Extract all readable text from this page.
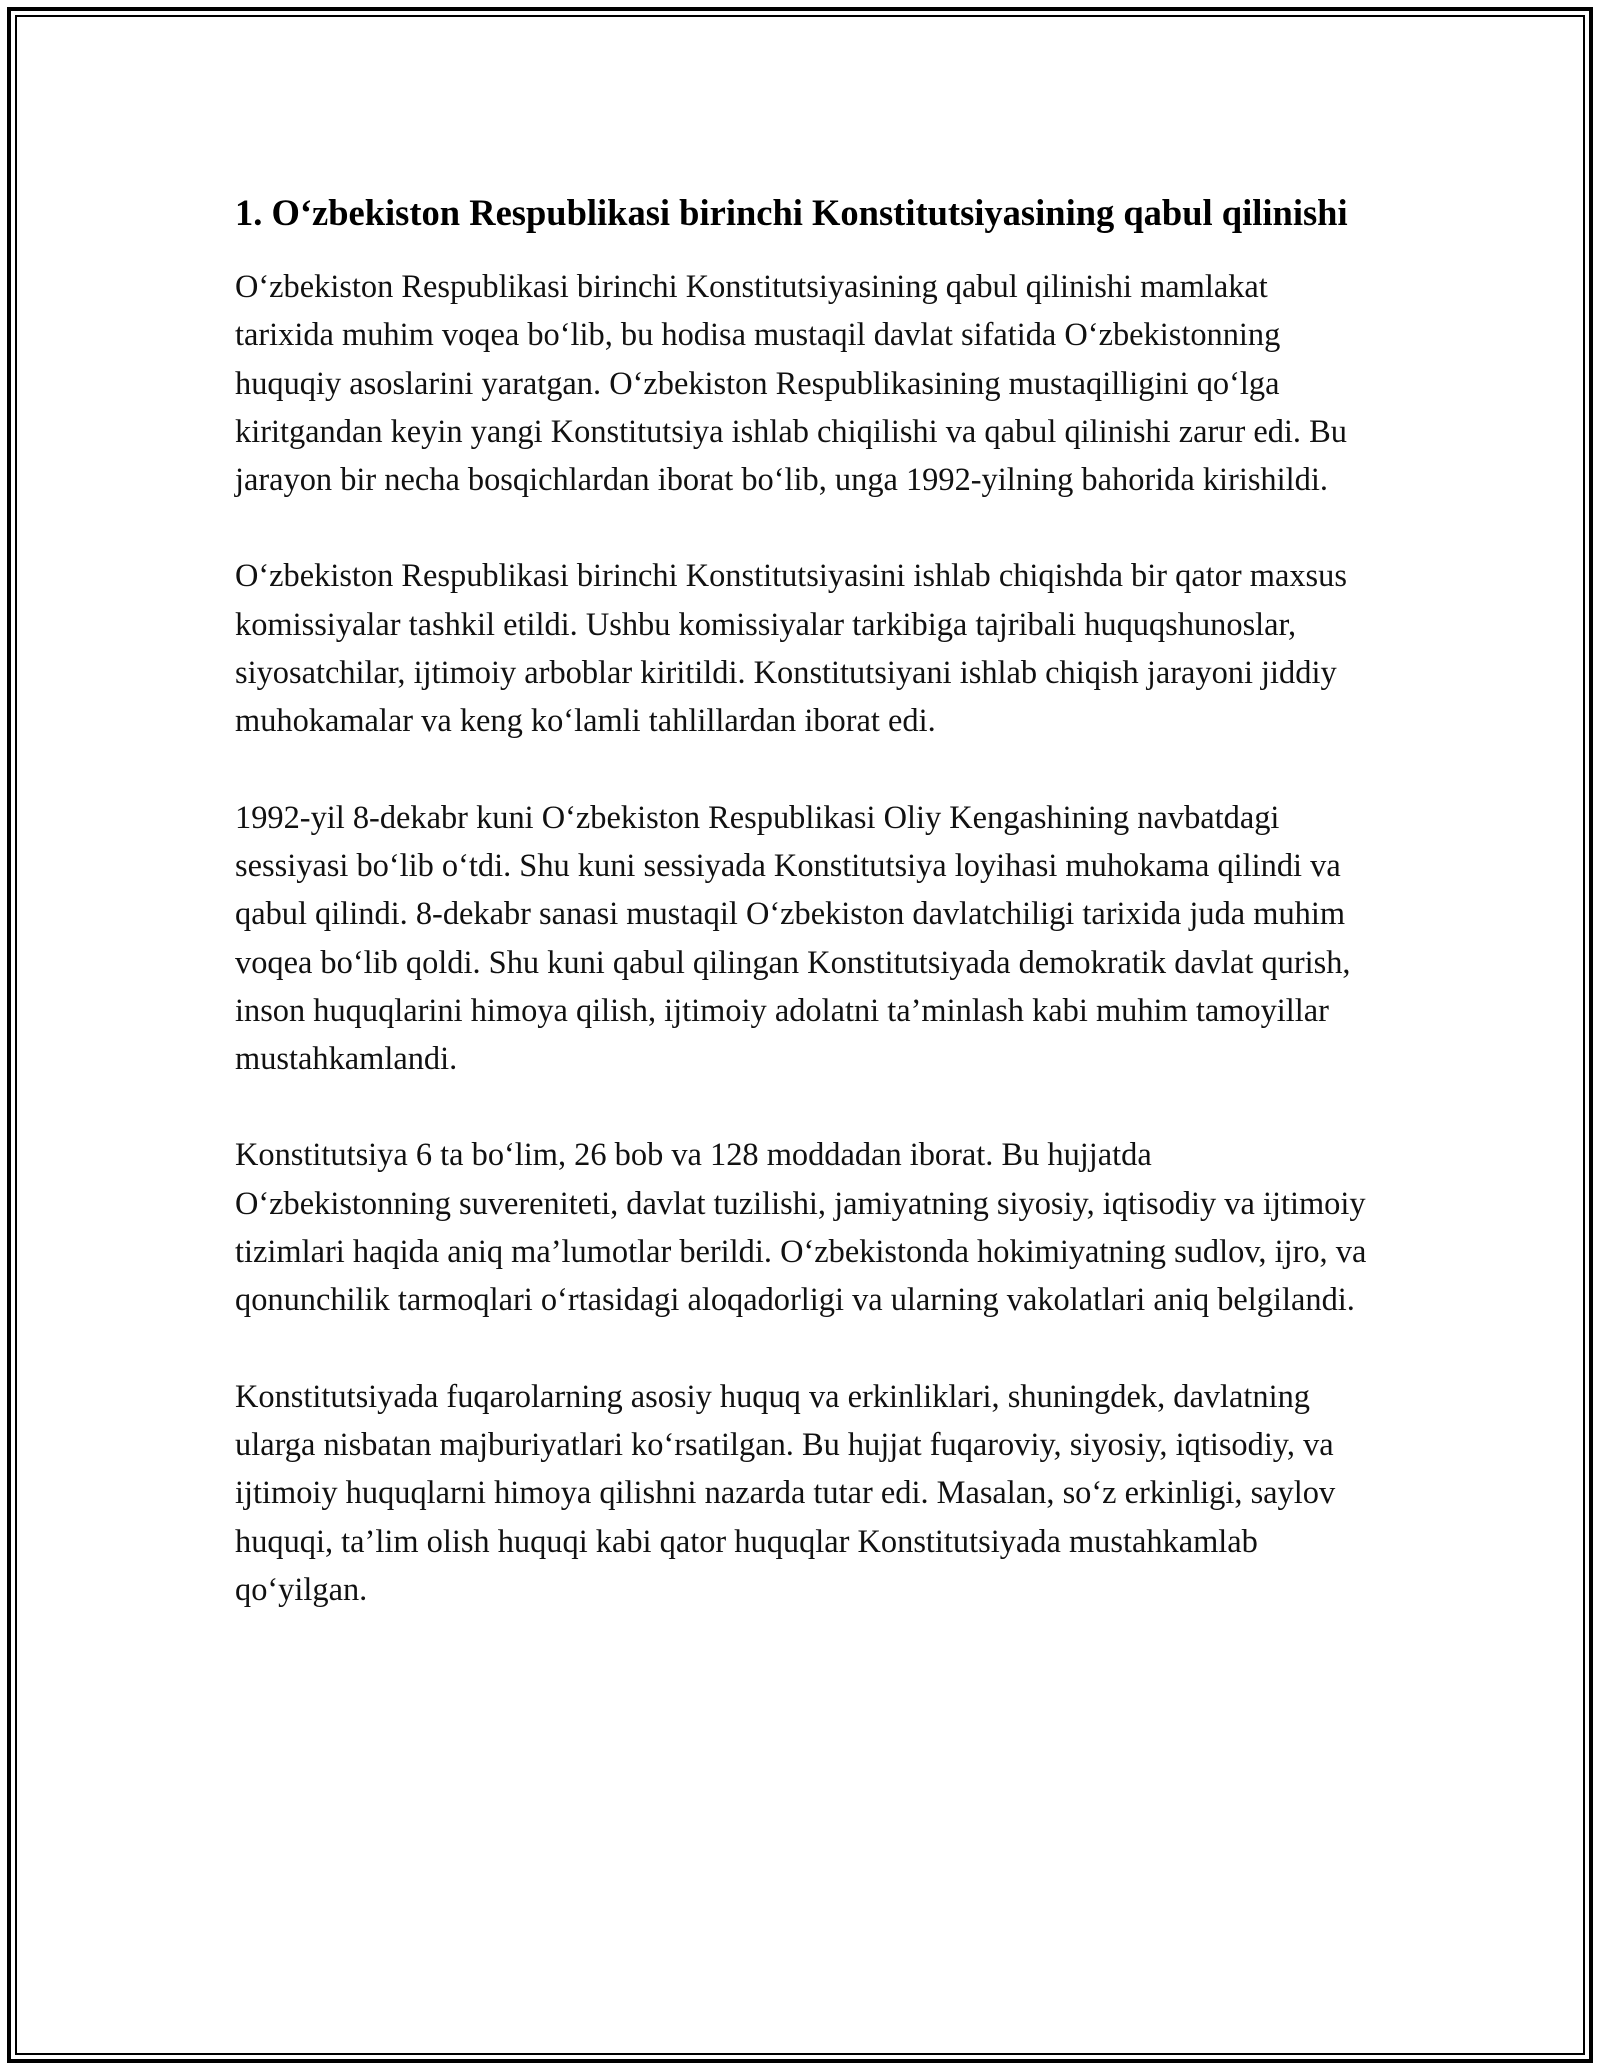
1. O‘zbekiston Respublikasi birinchi Konstitutsiyasining qabul qilinishi

O‘zbekiston Respublikasi birinchi Konstitutsiyasining qabul qilinishi mamlakat tarixida muhim voqea bo‘lib, bu hodisa mustaqil davlat sifatida O‘zbekistonning huquqiy asoslarini yaratgan. O‘zbekiston Respublikasining mustaqilligini qo‘lga kiritgandan keyin yangi Konstitutsiya ishlab chiqilishi va qabul qilinishi zarur edi. Bu jarayon bir necha bosqichlardan iborat bo‘lib, unga 1992-yilning bahorida kirishildi.

O‘zbekiston Respublikasi birinchi Konstitutsiyasini ishlab chiqishda bir qator maxsus komissiyalar tashkil etildi. Ushbu komissiyalar tarkibiga tajribali huquqshunoslar, siyosatchilar, ijtimoiy arboblar kiritildi. Konstitutsiyani ishlab chiqish jarayoni jiddiy muhokamalar va keng ko‘lamli tahlillardan iborat edi.

1992-yil 8-dekabr kuni O‘zbekiston Respublikasi Oliy Kengashining navbatdagi sessiyasi bo‘lib o‘tdi. Shu kuni sessiyada Konstitutsiya loyihasi muhokama qilindi va qabul qilindi. 8-dekabr sanasi mustaqil O‘zbekiston davlatchiligi tarixida juda muhim voqea bo‘lib qoldi. Shu kuni qabul qilingan Konstitutsiyada demokratik davlat qurish, inson huquqlarini himoya qilish, ijtimoiy adolatni ta’minlash kabi muhim tamoyillar mustahkamlandi.

Konstitutsiya 6 ta bo‘lim, 26 bob va 128 moddadan iborat. Bu hujjatda O‘zbekistonning suvereniteti, davlat tuzilishi, jamiyatning siyosiy, iqtisodiy va ijtimoiy tizimlari haqida aniq ma’lumotlar berildi. O‘zbekistonda hokimiyatning sudlov, ijro, va qonunchilik tarmoqlari o‘rtasidagi aloqadorligi va ularning vakolatlari aniq belgilandi.

Konstitutsiyada fuqarolarning asosiy huquq va erkinliklari, shuningdek, davlatning ularga nisbatan majburiyatlari ko‘rsatilgan. Bu hujjat fuqaroviy, siyosiy, iqtisodiy, va ijtimoiy huquqlarni himoya qilishni nazarda tutar edi. Masalan, so‘z erkinligi, saylov huquqi, ta’lim olish huquqi kabi qator huquqlar Konstitutsiyada mustahkamlab qo‘yilgan.
